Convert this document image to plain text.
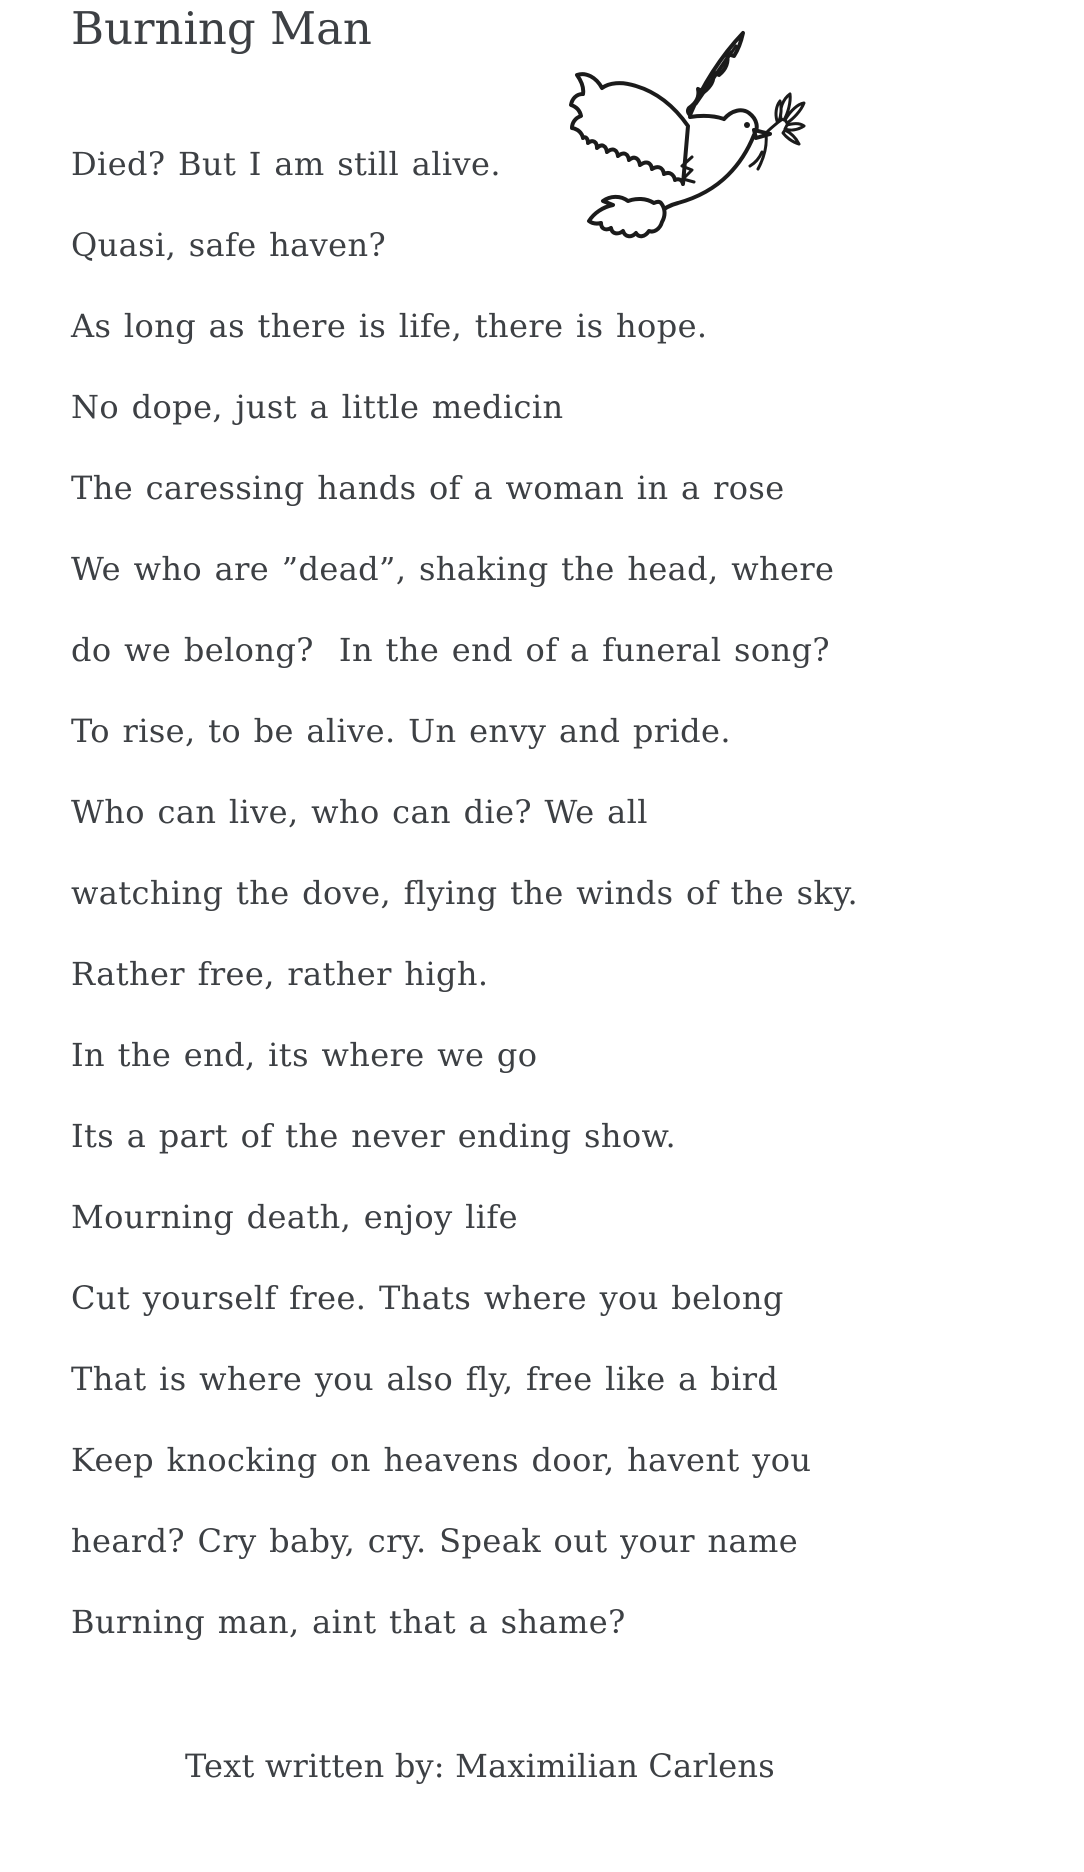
Burning Man

Died? But I am still alive.

Quasi, safe haven?

As long as there is life, there is hope.

No dope, just a little medicin

The caressing hands of a woman in a rose

We who are ”dead”, shaking the head, where

do we belong?  In the end of a funeral song?

To rise, to be alive. Un envy and pride.

Who can live, who can die? We all

watching the dove, flying the winds of the sky.

Rather free, rather high.

In the end, its where we go

Its a part of the never ending show.

Mourning death, enjoy life

Cut yourself free. Thats where you belong

That is where you also fly, free like a bird

Keep knocking on heavens door, havent you

heard? Cry baby, cry. Speak out your name

Burning man, aint that a shame?

Text written by: Maximilian Carlens
